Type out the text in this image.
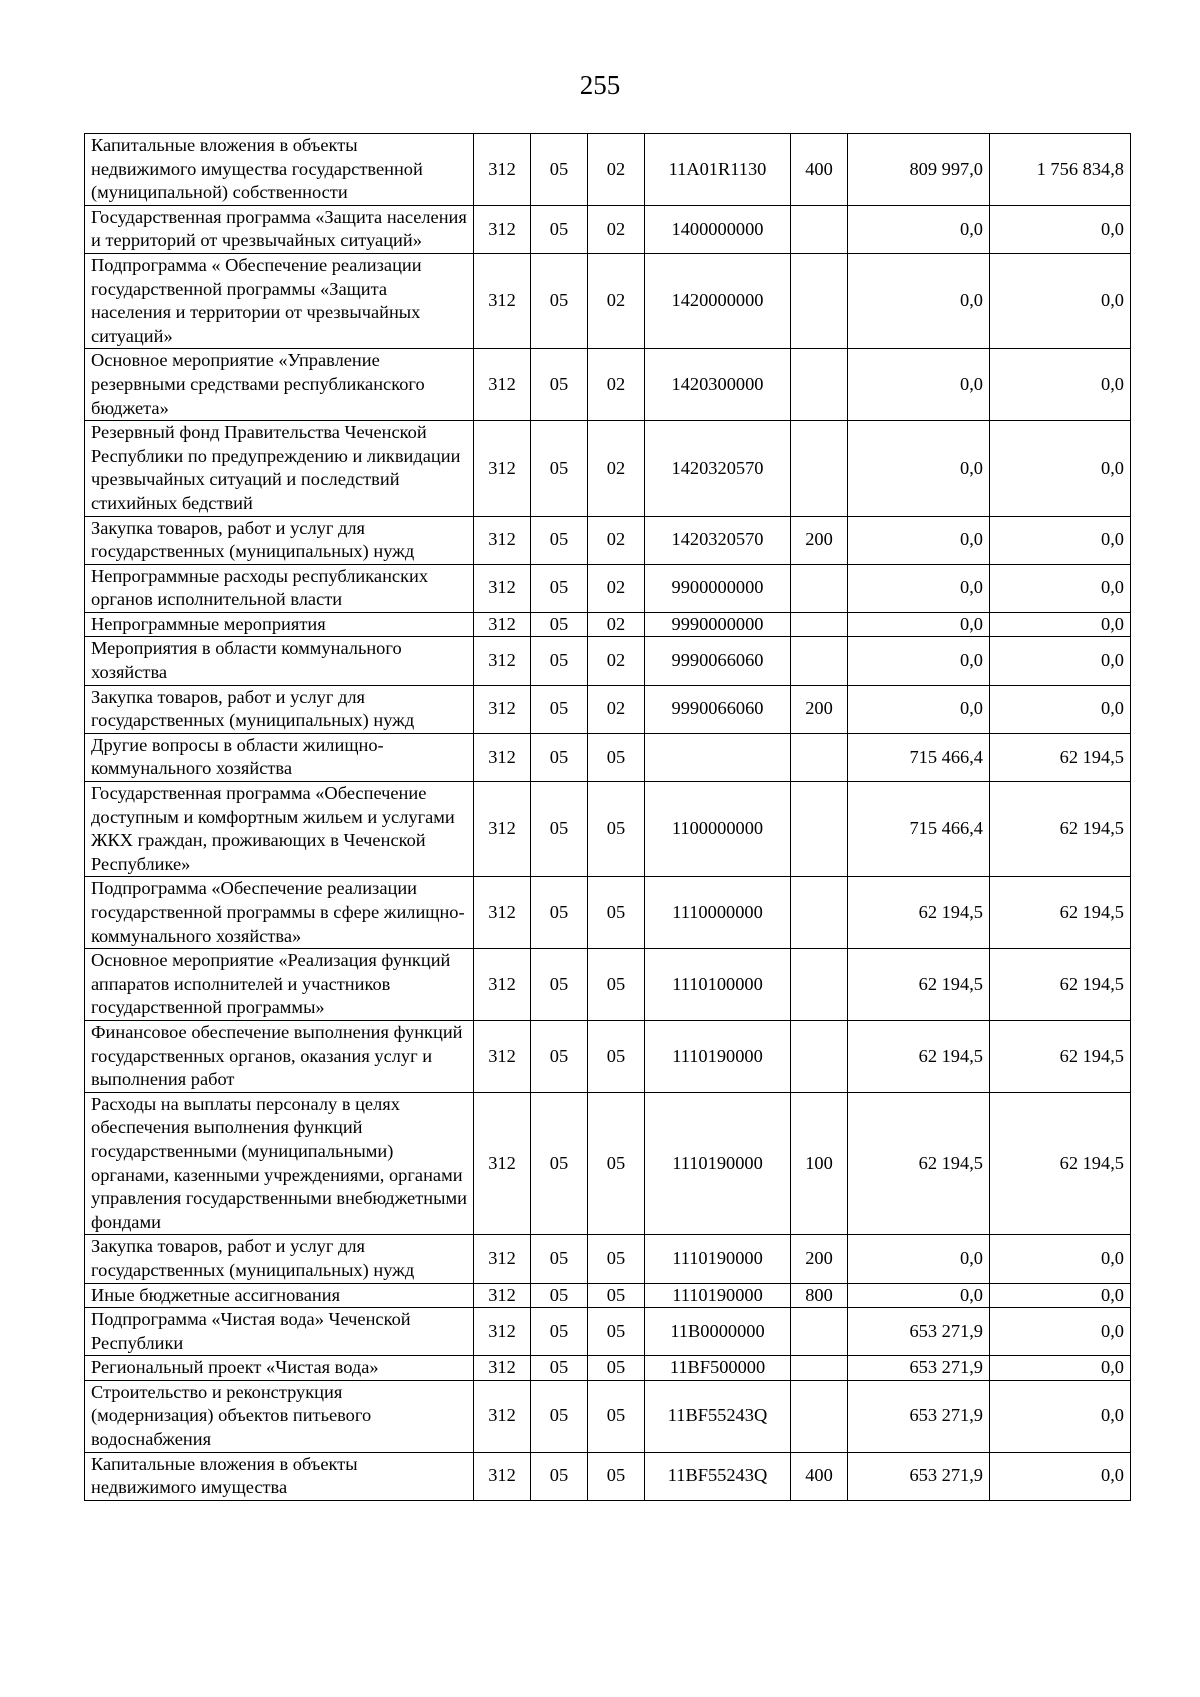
255
Капитальные вложения в объекты недвижимого имущества государственной (муниципальной) собственности	312	05	02	11A01R1130	400	809 997,0	1 756 834,8
Государственная программа «Защита населения и территорий от чрезвычайных ситуаций»	312	05	02	1400000000		0,0	0,0
Подпрограмма « Обеспечение реализации государственной программы «Защита населения и территории от чрезвычайных ситуаций»	312	05	02	1420000000		0,0	0,0
Основное мероприятие «Управление резервными средствами республиканского бюджета»	312	05	02	1420300000		0,0	0,0
Резервный фонд Правительства Чеченской Республики по предупреждению и ликвидации чрезвычайных ситуаций и последствий стихийных бедствий	312	05	02	1420320570		0,0	0,0
Закупка товаров, работ и услуг для государственных (муниципальных) нужд	312	05	02	1420320570	200	0,0	0,0
Непрограммные расходы республиканских органов исполнительной власти	312	05	02	9900000000		0,0	0,0
Непрограммные мероприятия	312	05	02	9990000000		0,0	0,0
Мероприятия в области коммунального хозяйства	312	05	02	9990066060		0,0	0,0
Закупка товаров, работ и услуг для государственных (муниципальных) нужд	312	05	02	9990066060	200	0,0	0,0
Другие вопросы в области жилищно-коммунального хозяйства	312	05	05			715 466,4	62 194,5
Государственная программа «Обеспечение доступным и комфортным жильем и услугами ЖКХ граждан, проживающих в Чеченской Республике»	312	05	05	1100000000		715 466,4	62 194,5
Подпрограмма «Обеспечение реализации государственной программы в сфере жилищно-коммунального хозяйства»	312	05	05	1110000000		62 194,5	62 194,5
Основное мероприятие «Реализация функций аппаратов исполнителей и участников государственной программы»	312	05	05	1110100000		62 194,5	62 194,5
Финансовое обеспечение выполнения функций государственных органов, оказания услуг и выполнения работ	312	05	05	1110190000		62 194,5	62 194,5
Расходы на выплаты персоналу в целях обеспечения выполнения функций государственными (муниципальными) органами, казенными учреждениями, органами управления государственными внебюджетными фондами	312	05	05	1110190000	100	62 194,5	62 194,5
Закупка товаров, работ и услуг для государственных (муниципальных) нужд	312	05	05	1110190000	200	0,0	0,0
Иные бюджетные ассигнования	312	05	05	1110190000	800	0,0	0,0
Подпрограмма «Чистая вода» Чеченской Республики	312	05	05	11B0000000		653 271,9	0,0
Региональный проект «Чистая вода»	312	05	05	11BF500000		653 271,9	0,0
Строительство и реконструкция (модернизация) объектов питьевого водоснабжения	312	05	05	11BF55243Q		653 271,9	0,0
Капитальные вложения в объекты недвижимого имущества	312	05	05	11BF55243Q	400	653 271,9	0,0
